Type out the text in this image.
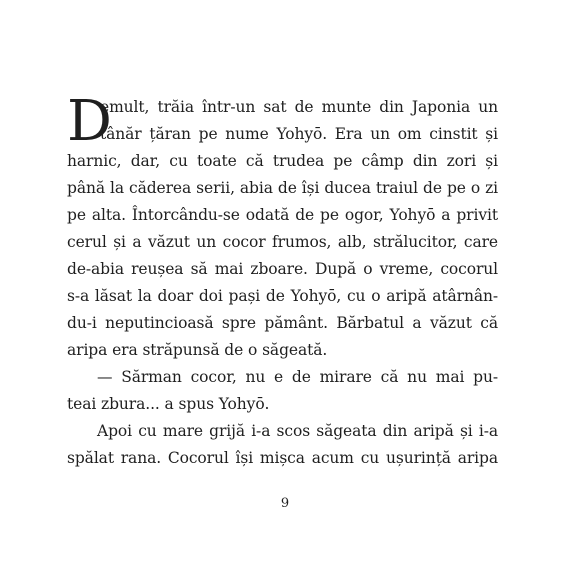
D
emult, trăia într-un sat de munte din Japonia un
tânăr țăran pe nume Yohyō. Era un om cinstit și
harnic, dar, cu toate că trudea pe câmp din zori și
până la căderea serii, abia de își ducea traiul de pe o zi
pe alta. Întorcându-se odată de pe ogor, Yohyō a privit
cerul și a văzut un cocor frumos, alb, strălucitor, care
de-abia reușea să mai zboare. După o vreme, cocorul
s-a lăsat la doar doi pași de Yohyō, cu o aripă atârnân-
du-i neputincioasă spre pământ. Bărbatul a văzut că
aripa era străpunsă de o săgeată.
— Sărman cocor, nu e de mirare că nu mai pu-
teai zbura... a spus Yohyō.
Apoi cu mare grijă i-a scos săgeata din aripă și i-a
spălat rana. Cocorul își mișca acum cu ușurință aripa
9
